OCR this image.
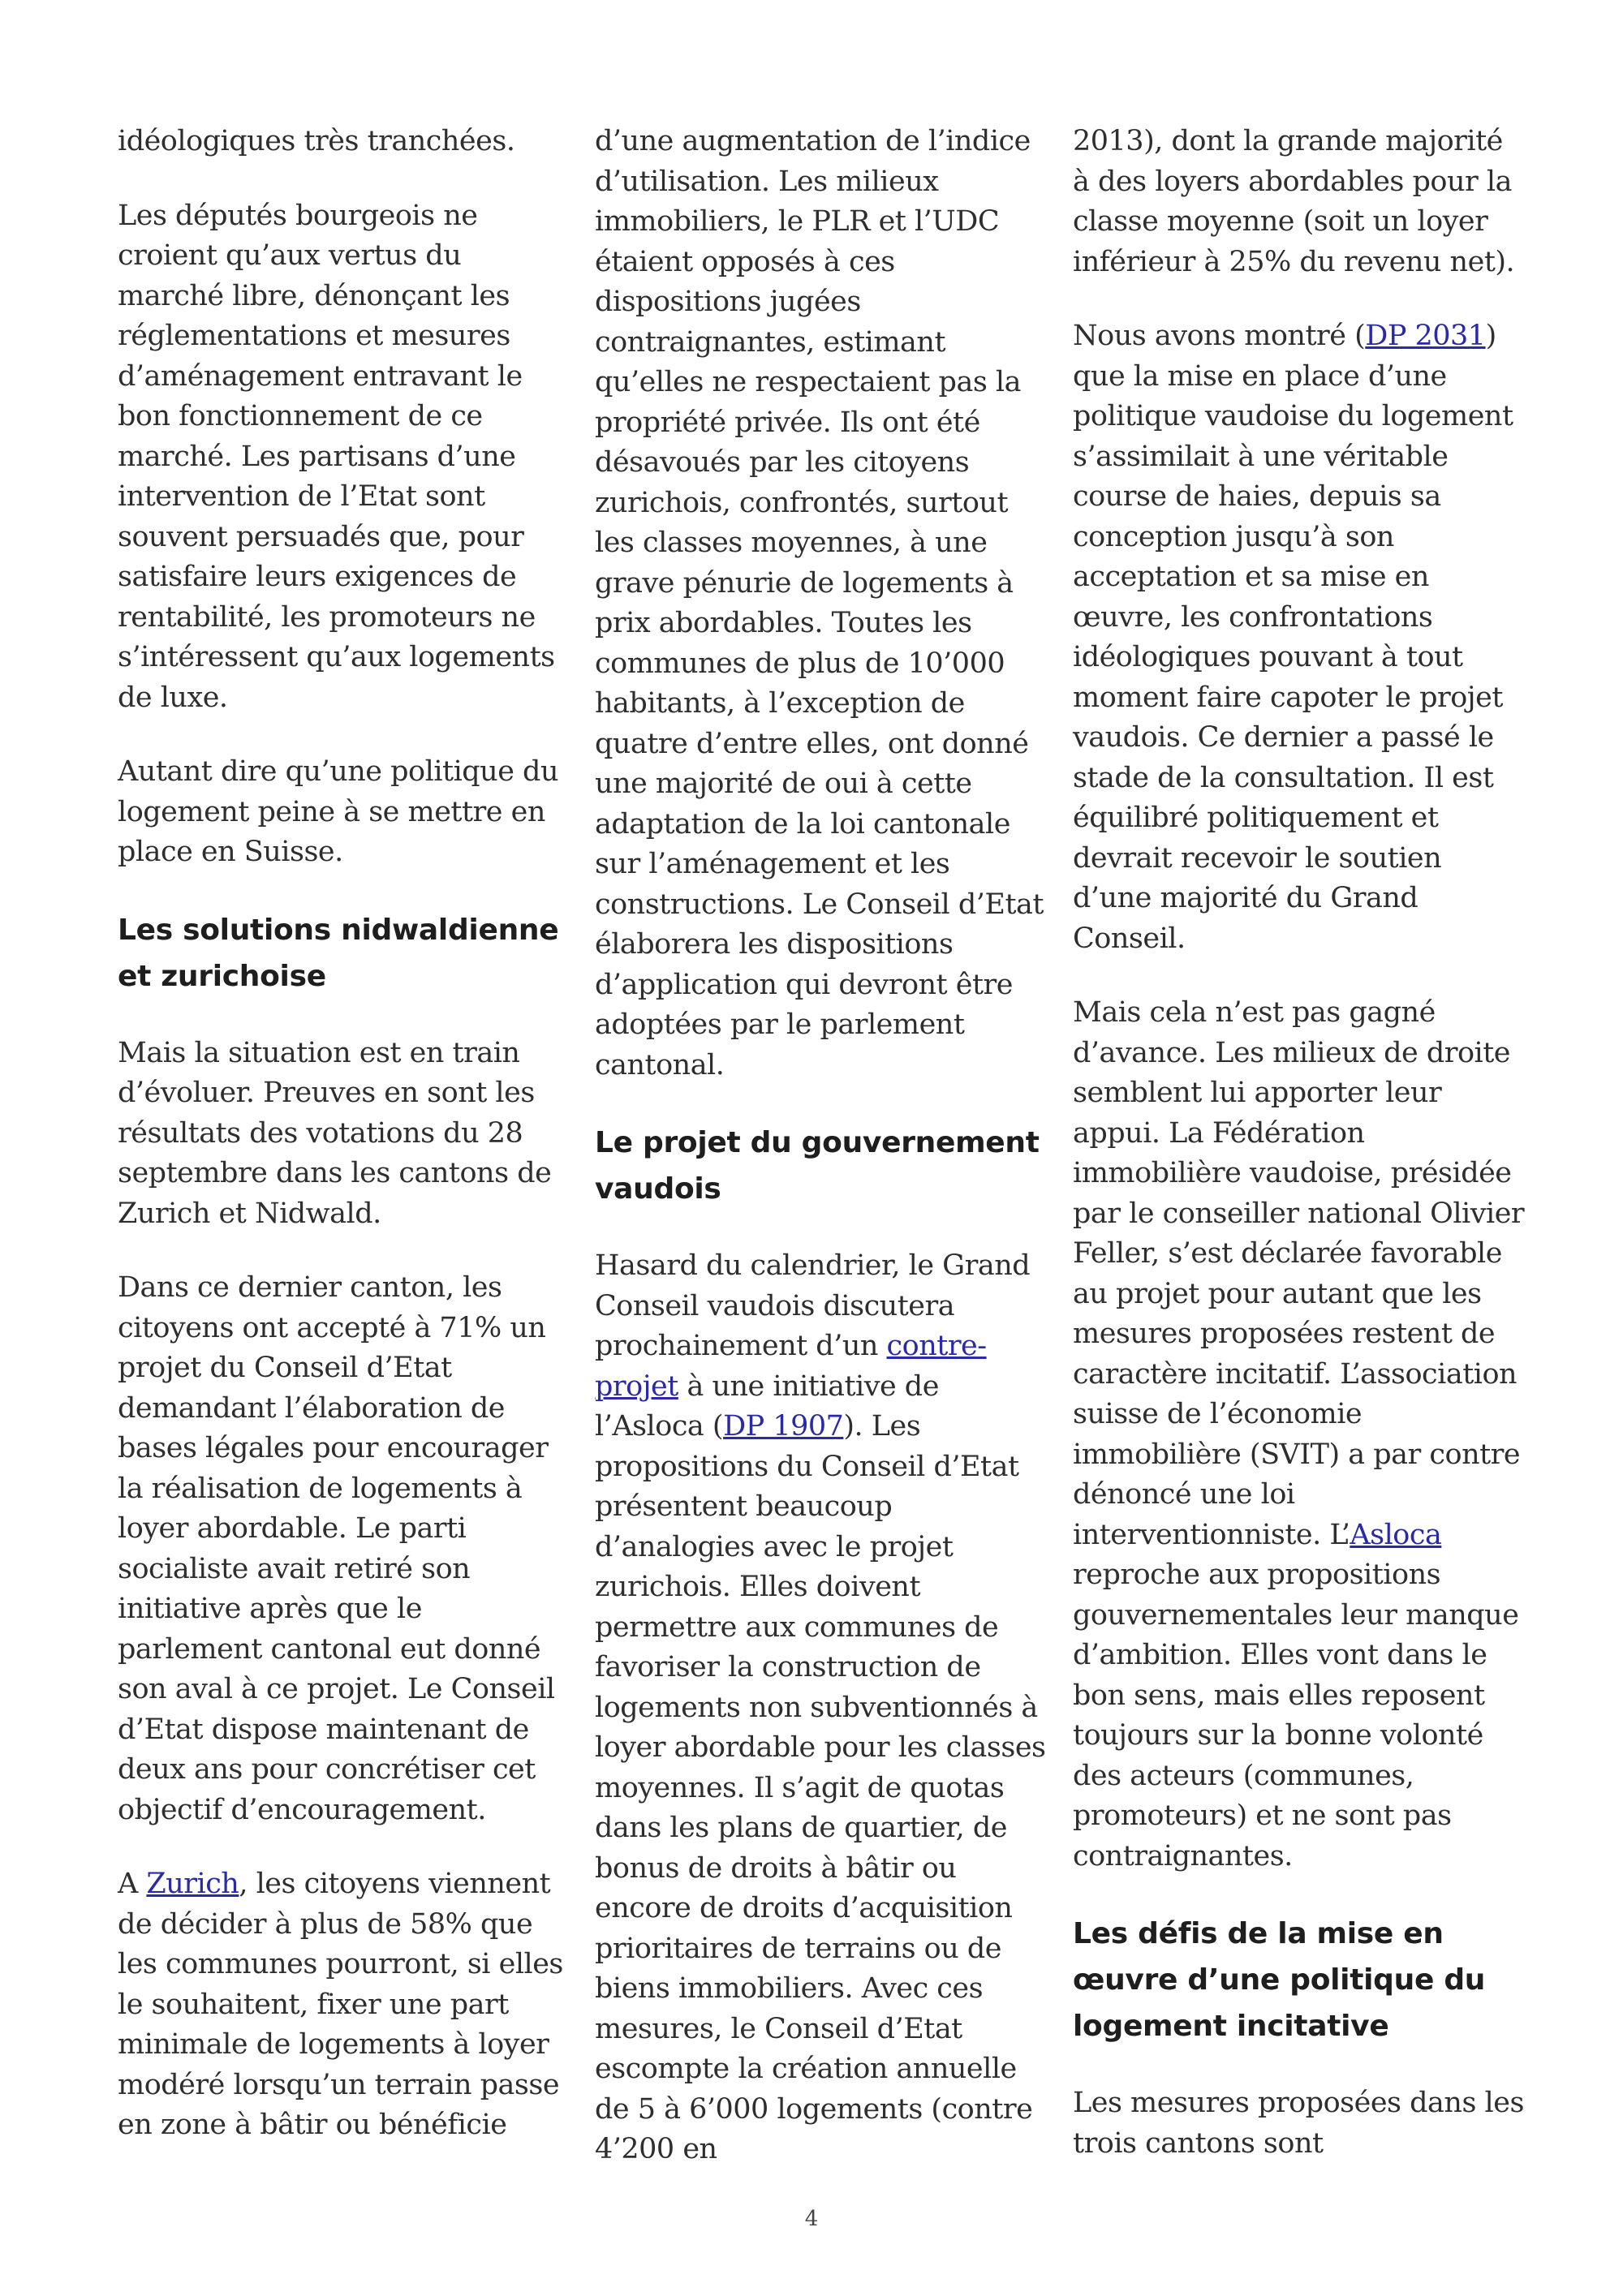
idéologiques très tranchées.

Les députés bourgeois ne croient qu’aux vertus du marché libre, dénonçant les réglementations et mesures d’aménagement entravant le bon fonctionnement de ce marché. Les partisans d’une intervention de l’Etat sont souvent persuadés que, pour satisfaire leurs exigences de rentabilité, les promoteurs ne s’intéressent qu’aux logements de luxe.

Autant dire qu’une politique du logement peine à se mettre en place en Suisse.

Les solutions nidwaldienne et zurichoise

Mais la situation est en train d’évoluer. Preuves en sont les résultats des votations du 28 septembre dans les cantons de Zurich et Nidwald.

Dans ce dernier canton, les citoyens ont accepté à 71% un projet du Conseil d’Etat demandant l’élaboration de bases légales pour encourager la réalisation de logements à loyer abordable. Le parti socialiste avait retiré son initiative après que le parlement cantonal eut donné son aval à ce projet. Le Conseil d’Etat dispose maintenant de deux ans pour concrétiser cet objectif d’encouragement.

A Zurich, les citoyens viennent de décider à plus de 58% que les communes pourront, si elles le souhaitent, fixer une part minimale de logements à loyer modéré lorsqu’un terrain passe en zone à bâtir ou bénéficie

d’une augmentation de l’indice d’utilisation. Les milieux immobiliers, le PLR et l’UDC étaient opposés à ces dispositions jugées contraignantes, estimant qu’elles ne respectaient pas la propriété privée. Ils ont été désavoués par les citoyens zurichois, confrontés, surtout les classes moyennes, à une grave pénurie de logements à prix abordables. Toutes les communes de plus de 10’000 habitants, à l’exception de quatre d’entre elles, ont donné une majorité de oui à cette adaptation de la loi cantonale sur l’aménagement et les constructions. Le Conseil d’Etat élaborera les dispositions d’application qui devront être adoptées par le parlement cantonal.

Le projet du gouvernement vaudois

Hasard du calendrier, le Grand Conseil vaudois discutera prochainement d’un contre-projet à une initiative de l’Asloca (DP 1907). Les propositions du Conseil d’Etat présentent beaucoup d’analogies avec le projet zurichois. Elles doivent permettre aux communes de favoriser la construction de logements non subventionnés à loyer abordable pour les classes moyennes. Il s’agit de quotas dans les plans de quartier, de bonus de droits à bâtir ou encore de droits d’acquisition prioritaires de terrains ou de biens immobiliers. Avec ces mesures, le Conseil d’Etat escompte la création annuelle de 5 à 6’000 logements (contre 4’200 en

2013), dont la grande majorité à des loyers abordables pour la classe moyenne (soit un loyer inférieur à 25% du revenu net).

Nous avons montré (DP 2031) que la mise en place d’une politique vaudoise du logement s’assimilait à une véritable course de haies, depuis sa conception jusqu’à son acceptation et sa mise en œuvre, les confrontations idéologiques pouvant à tout moment faire capoter le projet vaudois. Ce dernier a passé le stade de la consultation. Il est équilibré politiquement et devrait recevoir le soutien d’une majorité du Grand Conseil.

Mais cela n’est pas gagné d’avance. Les milieux de droite semblent lui apporter leur appui. La Fédération immobilière vaudoise, présidée par le conseiller national Olivier Feller, s’est déclarée favorable au projet pour autant que les mesures proposées restent de caractère incitatif. L’association suisse de l’économie immobilière (SVIT) a par contre dénoncé une loi interventionniste. L’Asloca reproche aux propositions gouvernementales leur manque d’ambition. Elles vont dans le bon sens, mais elles reposent toujours sur la bonne volonté des acteurs (communes, promoteurs) et ne sont pas contraignantes.

Les défis de la mise en œuvre d’une politique du logement incitative

Les mesures proposées dans les trois cantons sont

4
